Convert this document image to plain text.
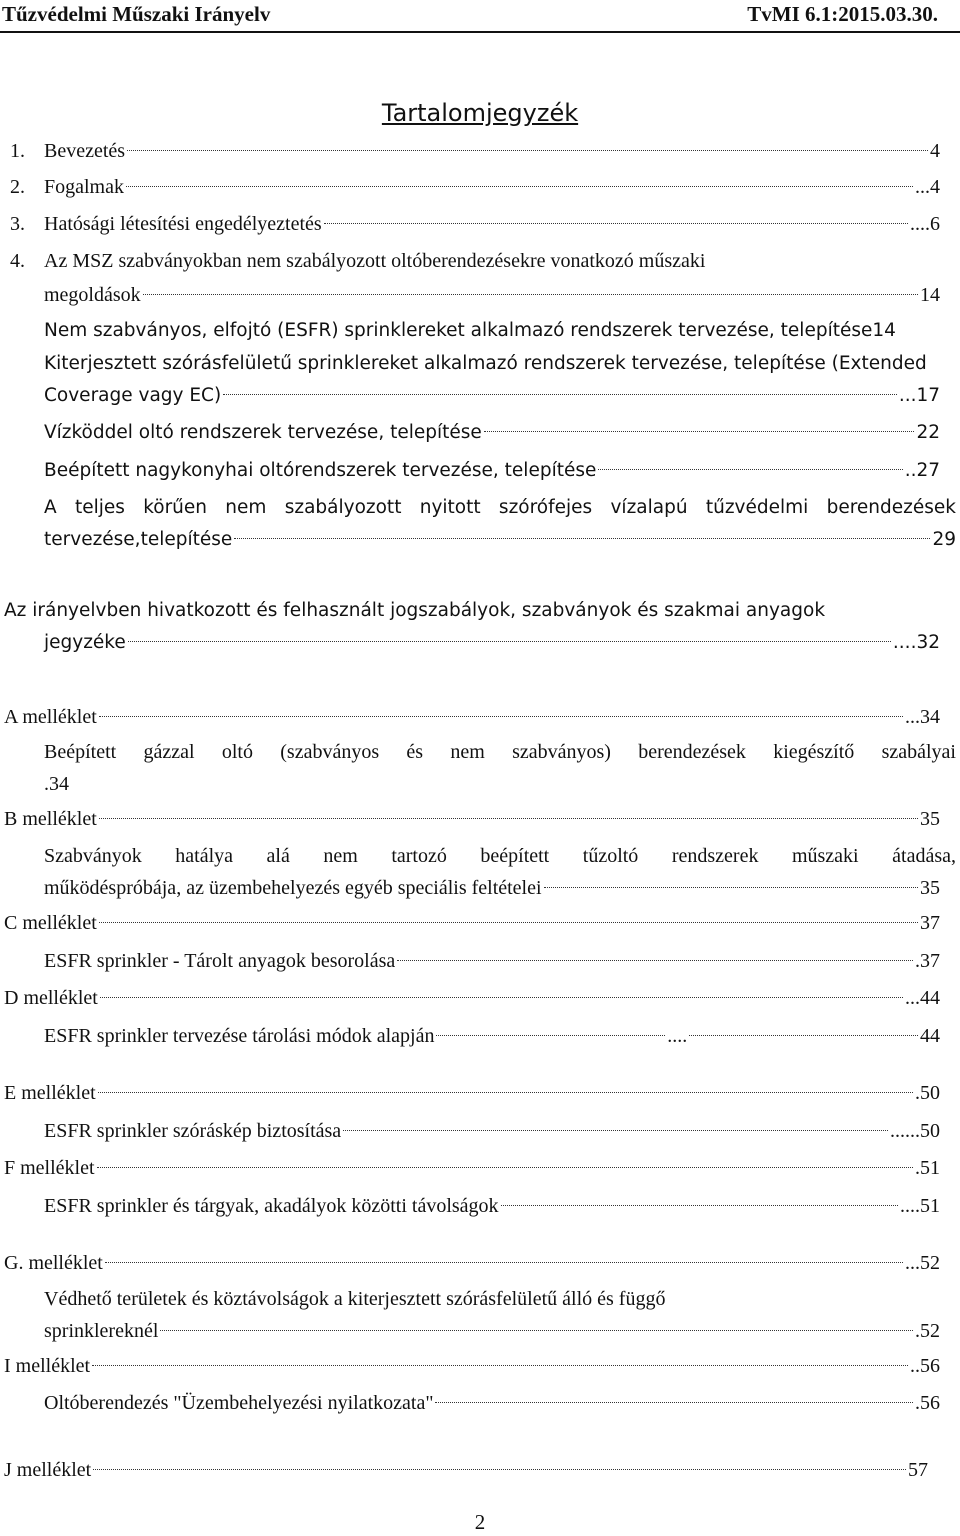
Tűzvédelmi Műszaki Irányelv	TvMI 6.1:2015.03.30.
Tartalomjegyzék
1. Bevezetés	4
2. Fogalmak	...4
3. Hatósági létesítési engedélyeztetés	....6
4. Az MSZ szabványokban nem szabályozott oltóberendezésekre vonatkozó műszaki
megoldások	14
Nem szabványos, elfojtó (ESFR) sprinklereket alkalmazó rendszerek tervezése, telepítése 14
Kiterjesztett szórásfelületű sprinklereket alkalmazó rendszerek tervezése, telepítése (Extended
Coverage vagy EC)	...17
Vízköddel oltó rendszerek tervezése, telepítése	22
Beépített nagykonyhai oltórendszerek tervezése, telepítése	..27
A teljes körűen nem szabályozott nyitott szórófejes vízalapú tűzvédelmi berendezések
tervezése,telepítése	29
Az irányelvben hivatkozott és felhasznált jogszabályok, szabványok és szakmai anyagok
jegyzéke	....32
A melléklet	...34
Beépített gázzal oltó (szabványos és nem szabványos) berendezések kiegészítő szabályai
.34
B melléklet	35
Szabványok hatálya alá nem tartozó beépített tűzoltó rendszerek műszaki átadása,
működéspróbája, az üzembehelyezés egyéb speciális feltételei	35
C melléklet	37
ESFR sprinkler - Tárolt anyagok besorolása	.37
D melléklet	...44
ESFR sprinkler tervezése tárolási módok alapján	....	44
E melléklet	.50
ESFR sprinkler szóráskép biztosítása	......50
F melléklet	.51
ESFR sprinkler és tárgyak, akadályok közötti távolságok	....51
G. melléklet	...52
Védhető területek és köztávolságok a kiterjesztett szórásfelületű álló és függő
sprinklereknél	.52
I melléklet	..56
Oltóberendezés "Üzembehelyezési nyilatkozata"	.56
J melléklet	57
2
